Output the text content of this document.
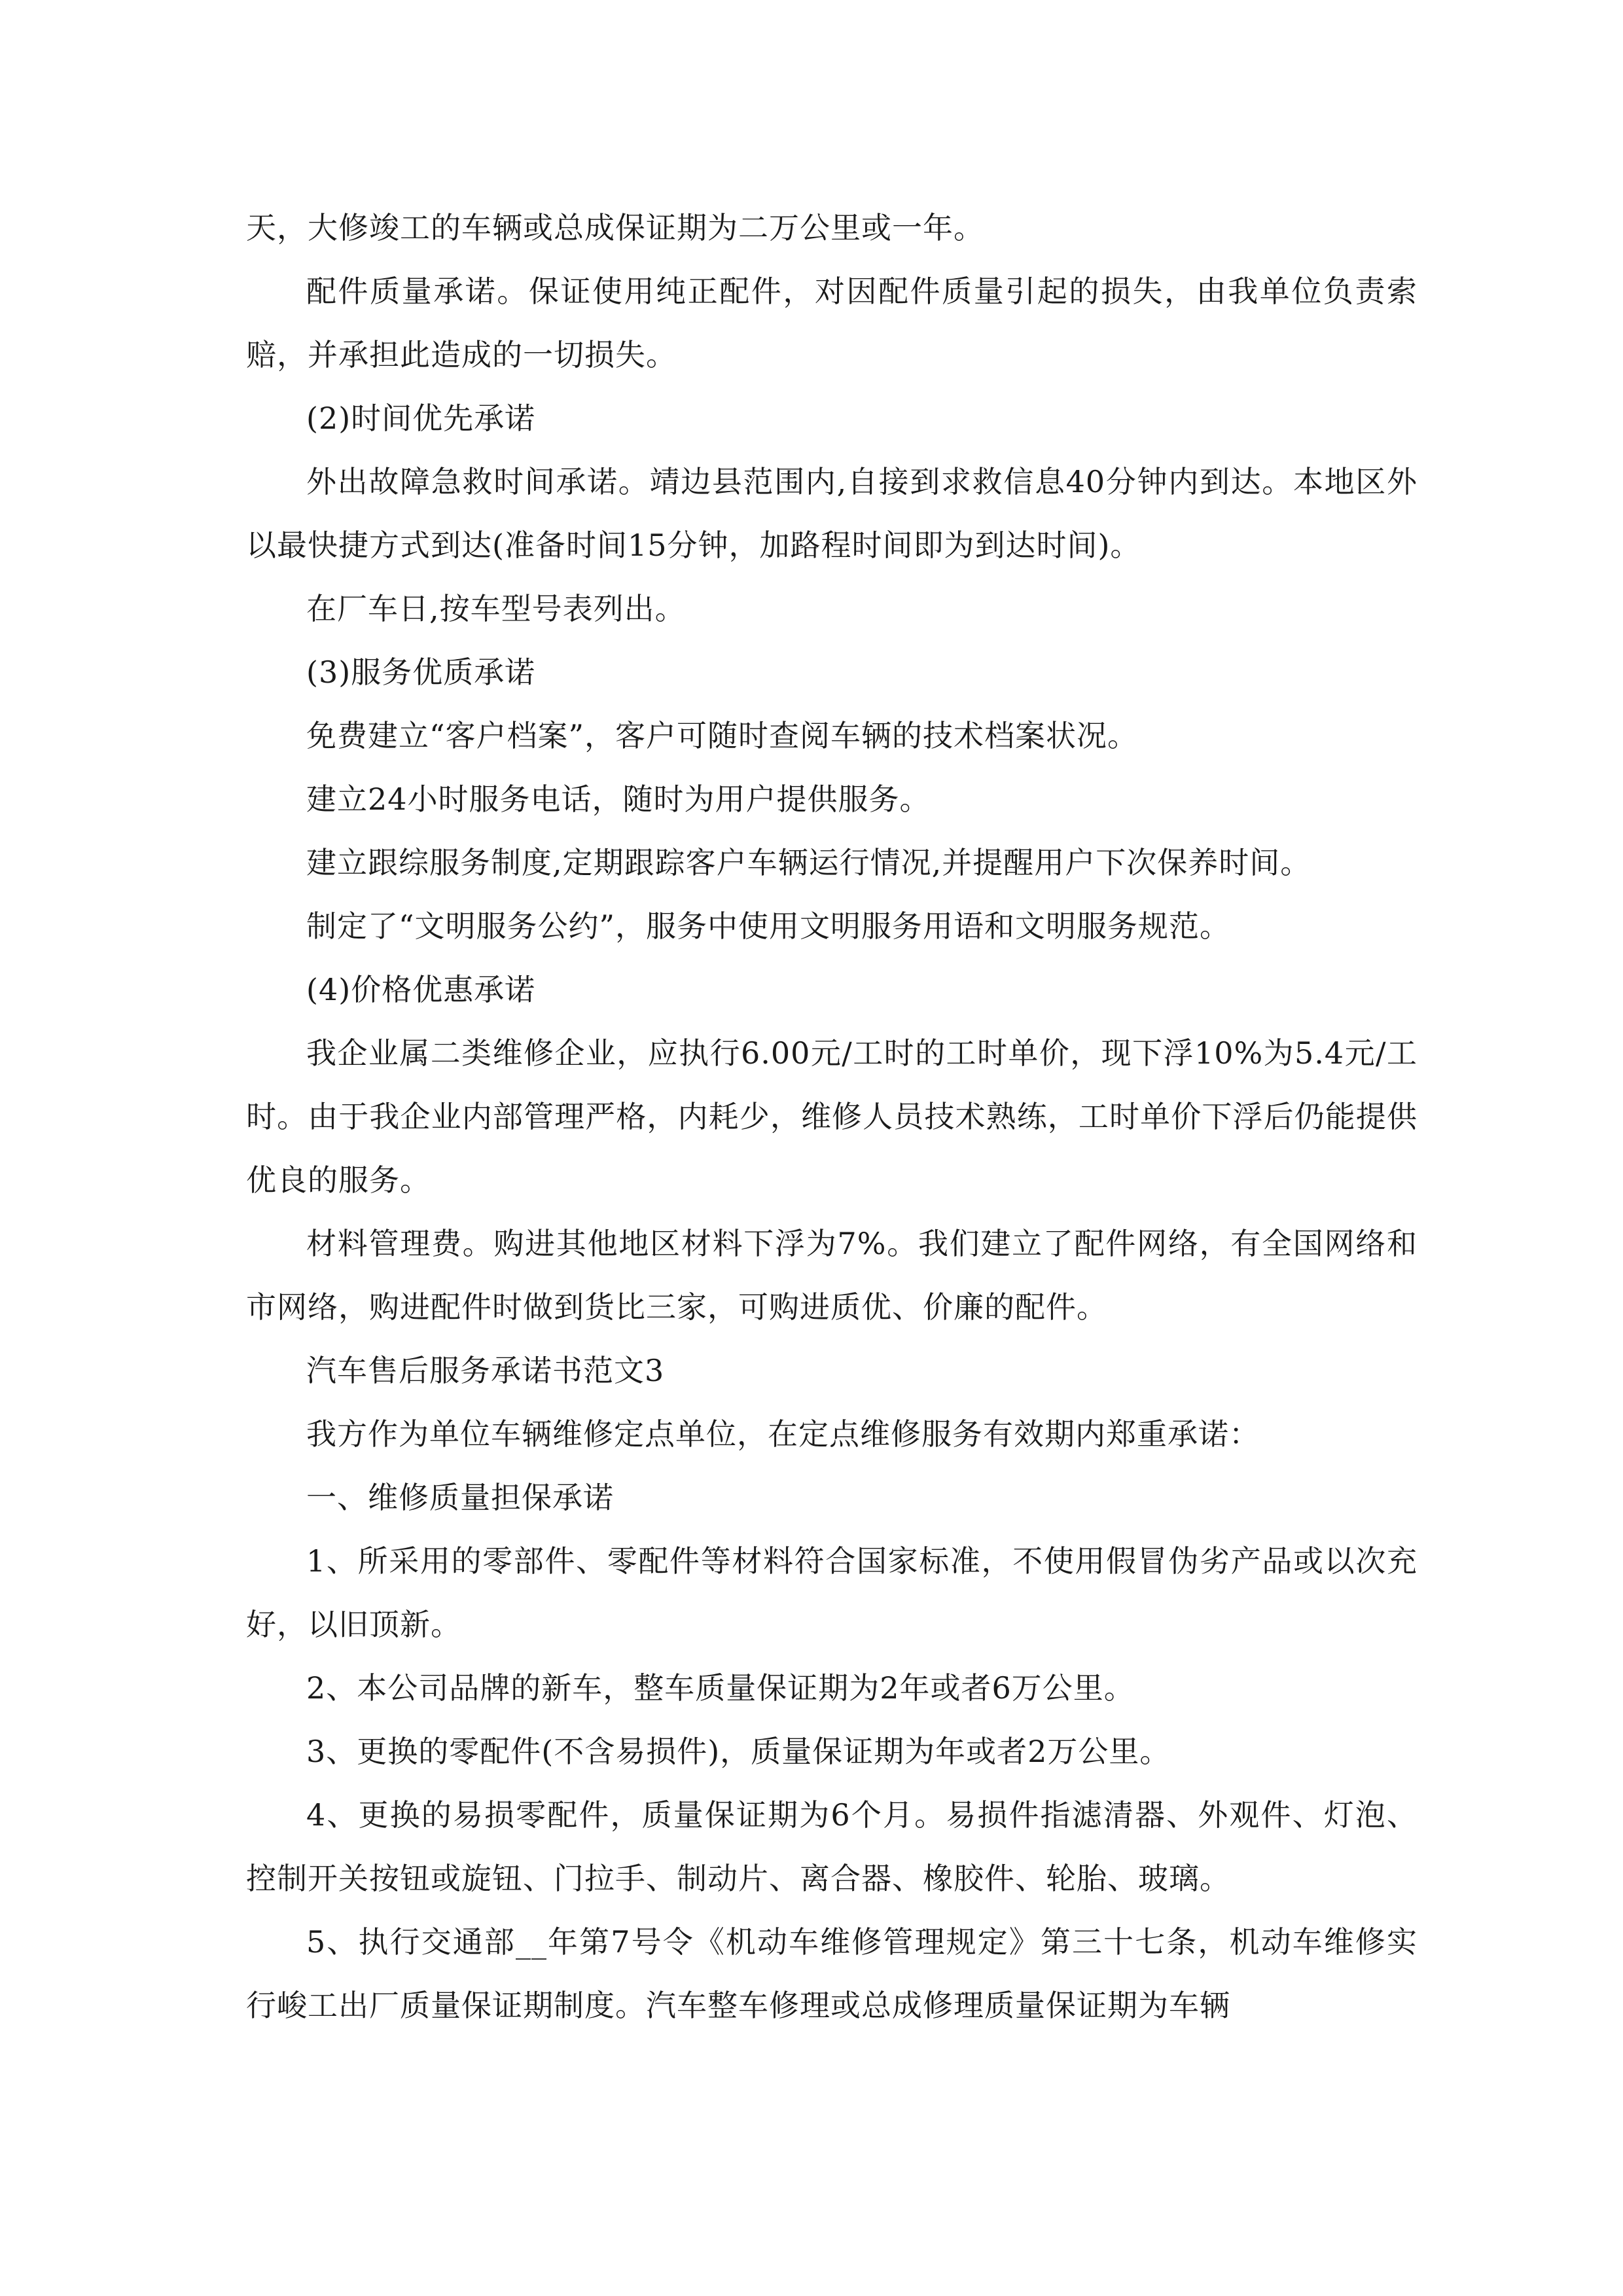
天，大修竣工的车辆或总成保证期为二万公里或一年。

配件质量承诺。保证使用纯正配件，对因配件质量引起的损失，由我单位负责索赔，并承担此造成的一切损失。

(2)时间优先承诺

外出故障急救时间承诺。靖边县范围内,自接到求救信息40分钟内到达。本地区外以最快捷方式到达(准备时间15分钟，加路程时间即为到达时间)。

在厂车日,按车型号表列出。

(3)服务优质承诺

免费建立“客户档案”，客户可随时查阅车辆的技术档案状况。

建立24小时服务电话，随时为用户提供服务。

建立跟综服务制度,定期跟踪客户车辆运行情况,并提醒用户下次保养时间。

制定了“文明服务公约”，服务中使用文明服务用语和文明服务规范。

(4)价格优惠承诺

我企业属二类维修企业，应执行6.00元/工时的工时单价，现下浮10%为5.4元/工时。由于我企业内部管理严格，内耗少，维修人员技术熟练，工时单价下浮后仍能提供优良的服务。

材料管理费。购进其他地区材料下浮为7%。我们建立了配件网络，有全国网络和市网络，购进配件时做到货比三家，可购进质优、价廉的配件。

汽车售后服务承诺书范文3

我方作为单位车辆维修定点单位，在定点维修服务有效期内郑重承诺：

一、维修质量担保承诺

1、所采用的零部件、零配件等材料符合国家标准，不使用假冒伪劣产品或以次充好，以旧顶新。

2、本公司品牌的新车，整车质量保证期为2年或者6万公里。

3、更换的零配件(不含易损件)，质量保证期为年或者2万公里。

4、更换的易损零配件，质量保证期为6个月。易损件指滤清器、外观件、灯泡、控制开关按钮或旋钮、门拉手、制动片、离合器、橡胶件、轮胎、玻璃。

5、执行交通部__年第7号令《机动车维修管理规定》第三十七条，机动车维修实行峻工出厂质量保证期制度。汽车整车修理或总成修理质量保证期为车辆
